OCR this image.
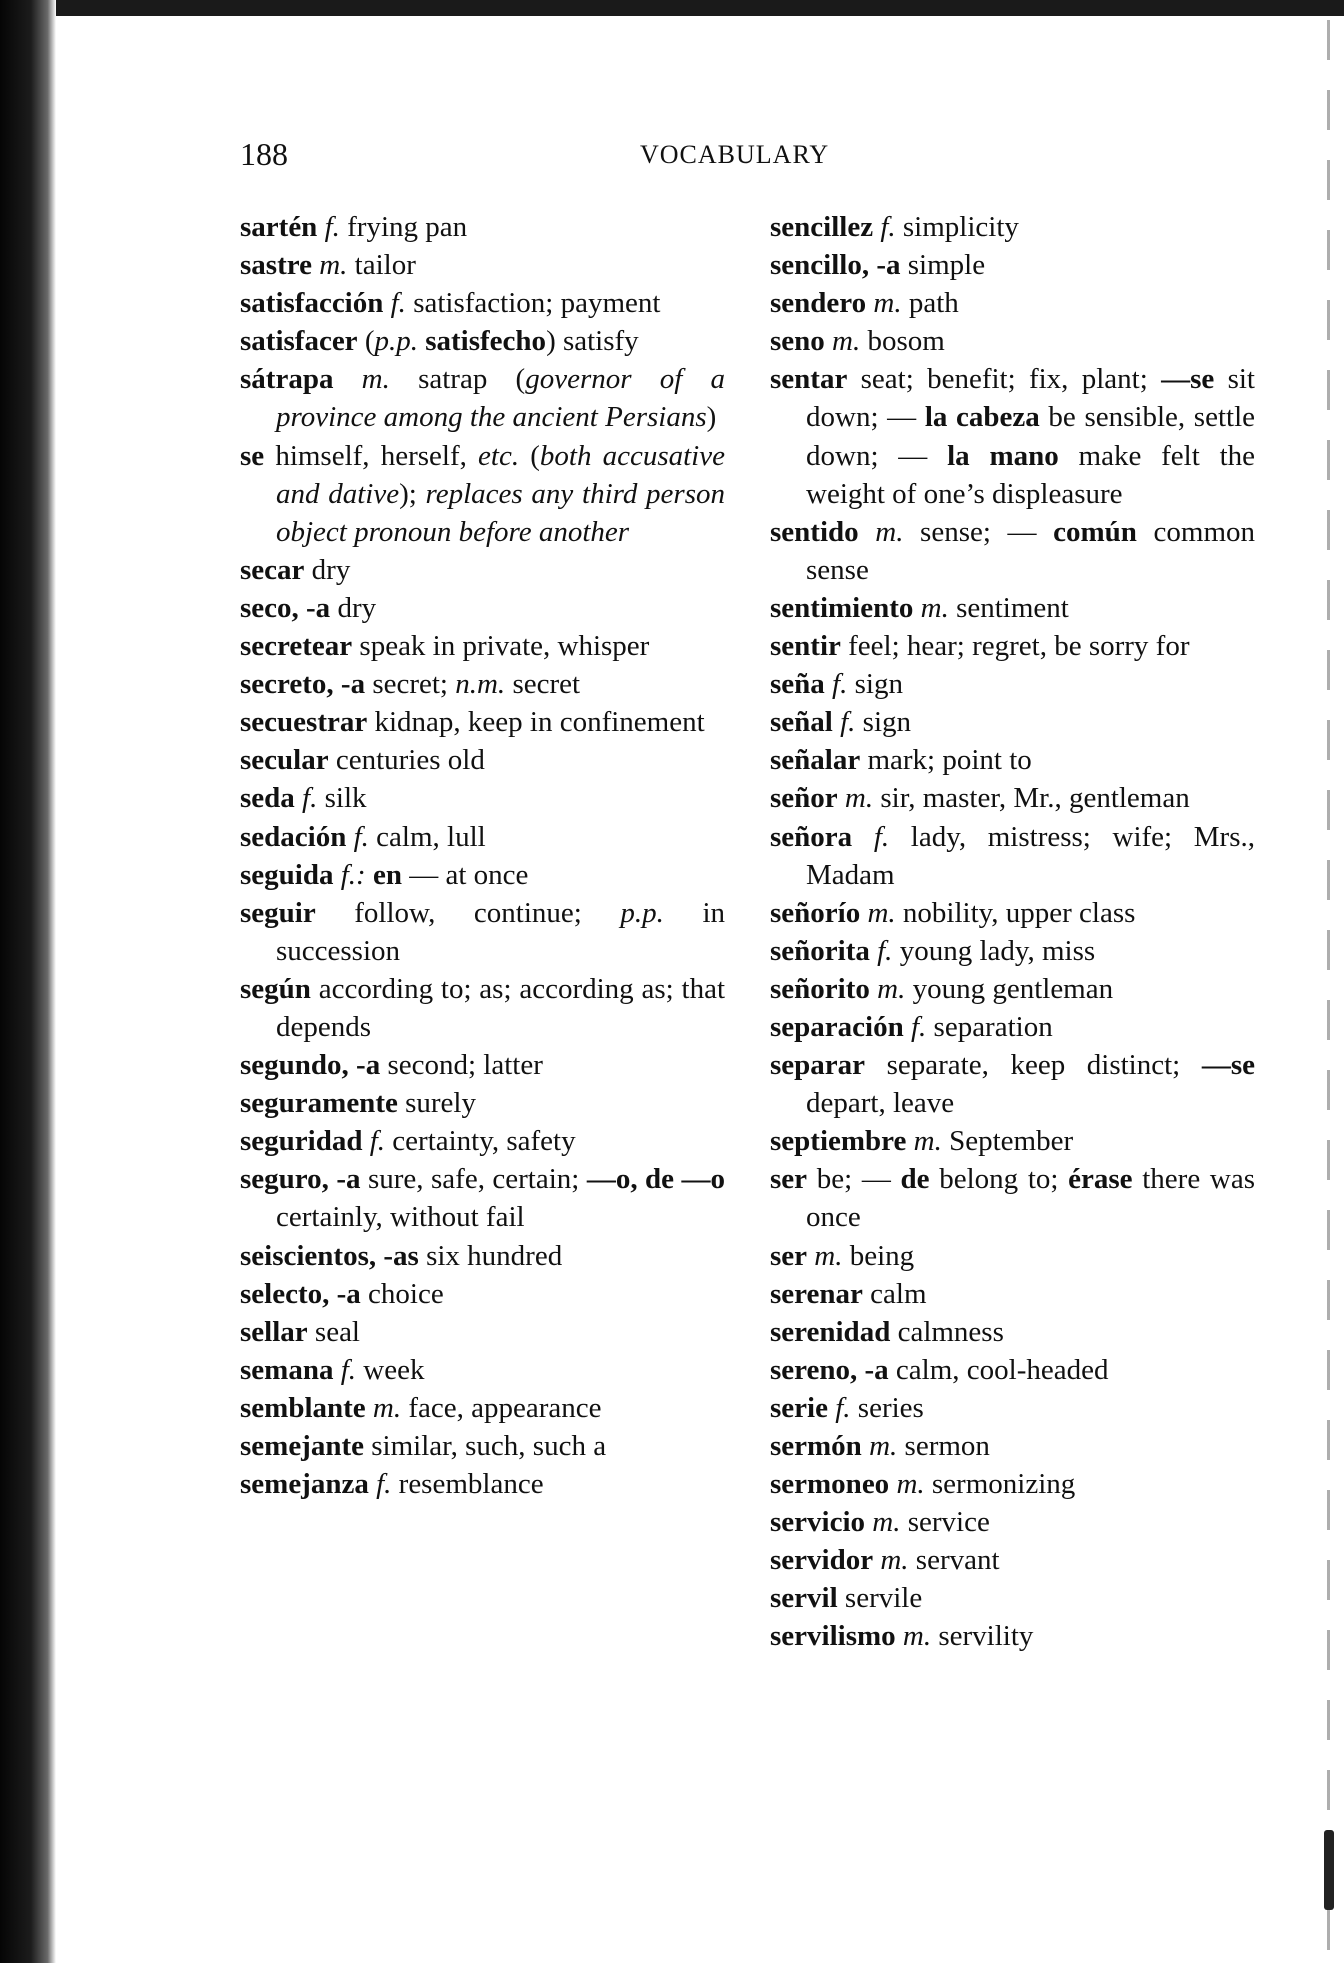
188	VOCABULARY
sartén f. frying pan
sastre m. tailor
satisfacción f. satisfaction; payment
satisfacer (p.p. satisfecho) satisfy
sátrapa m. satrap (governor of a province among the ancient Persians)
se himself, herself, etc. (both accusative and dative); replaces any third person object pronoun before another
secar dry
seco, -a dry
secretear speak in private, whisper
secreto, -a secret; n.m. secret
secuestrar kidnap, keep in confinement
secular centuries old
seda f. silk
sedación f. calm, lull
seguida f.: en — at once
seguir follow, continue; p.p. in succession
según according to; as; according as; that depends
segundo, -a second; latter
seguramente surely
seguridad f. certainty, safety
seguro, -a sure, safe, certain; —o, de —o certainly, without fail
seiscientos, -as six hundred
selecto, -a choice
sellar seal
semana f. week
semblante m. face, appearance
semejante similar, such, such a
semejanza f. resemblance
sencillez f. simplicity
sencillo, -a simple
sendero m. path
seno m. bosom
sentar seat; benefit; fix, plant; —se sit down; — la cabeza be sensible, settle down; — la mano make felt the weight of one’s displeasure
sentido m. sense; — común common sense
sentimiento m. sentiment
sentir feel; hear; regret, be sorry for
seña f. sign
señal f. sign
señalar mark; point to
señor m. sir, master, Mr., gentleman
señora f. lady, mistress; wife; Mrs., Madam
señorío m. nobility, upper class
señorita f. young lady, miss
señorito m. young gentleman
separación f. separation
separar separate, keep distinct; —se depart, leave
septiembre m. September
ser be; — de belong to; érase there was once
ser m. being
serenar calm
serenidad calmness
sereno, -a calm, cool-headed
serie f. series
sermón m. sermon
sermoneo m. sermonizing
servicio m. service
servidor m. servant
servil servile
servilismo m. servility
